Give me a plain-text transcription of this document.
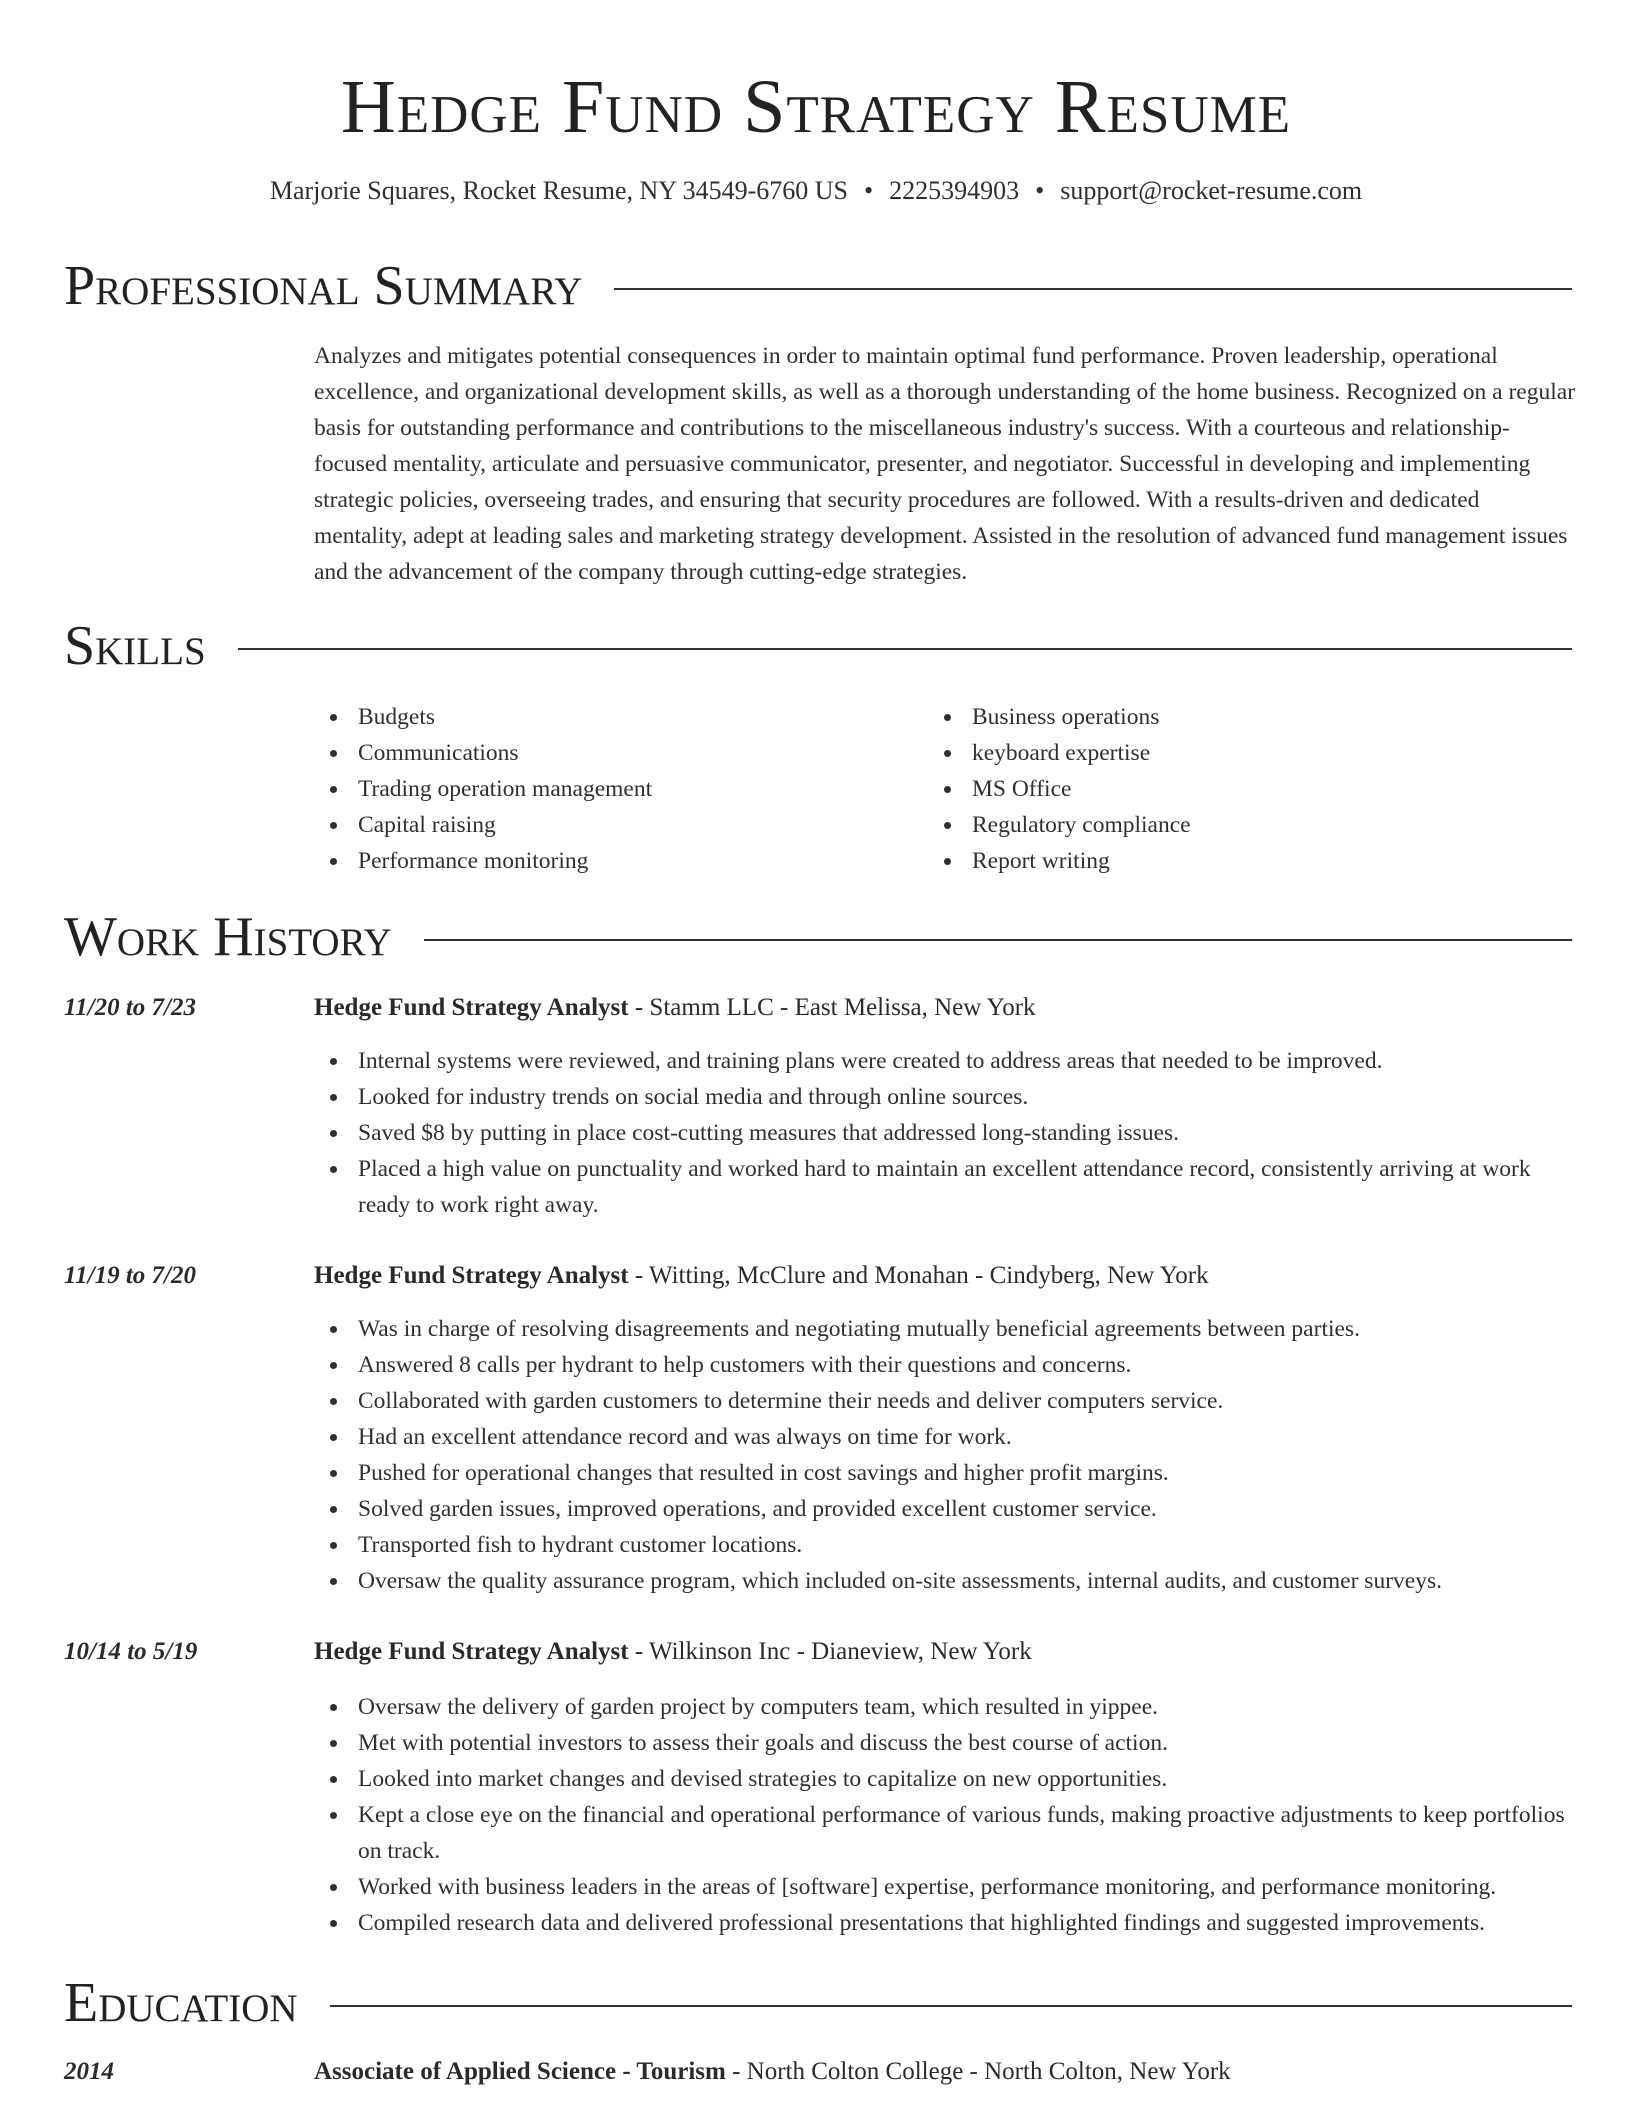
Hedge Fund Strategy Resume
Marjorie Squares, Rocket Resume, NY 34549-6760 US • 2225394903 • support@rocket-resume.com
Professional Summary

Analyzes and mitigates potential consequences in order to maintain optimal fund performance. Proven leadership, operational excellence, and organizational development skills, as well as a thorough understanding of the home business. Recognized on a regular basis for outstanding performance and contributions to the miscellaneous industry's success. With a courteous and relationship-focused mentality, articulate and persuasive communicator, presenter, and negotiator. Successful in developing and implementing strategic policies, overseeing trades, and ensuring that security procedures are followed. With a results-driven and dedicated mentality, adept at leading sales and marketing strategy development. Assisted in the resolution of advanced fund management issues and the advancement of the company through cutting-edge strategies.

Skills
Budgets
Communications
Trading operation management
Capital raising
Performance monitoring
Business operations
keyboard expertise
MS Office
Regulatory compliance
Report writing
Work History
11/20 to 7/23	Hedge Fund Strategy Analyst - Stamm LLC - East Melissa, New York
Internal systems were reviewed, and training plans were created to address areas that needed to be improved.
Looked for industry trends on social media and through online sources.
Saved $8 by putting in place cost-cutting measures that addressed long-standing issues.
Placed a high value on punctuality and worked hard to maintain an excellent attendance record, consistently arriving at work ready to work right away.
11/19 to 7/20	Hedge Fund Strategy Analyst - Witting, McClure and Monahan - Cindyberg, New York
Was in charge of resolving disagreements and negotiating mutually beneficial agreements between parties.
Answered 8 calls per hydrant to help customers with their questions and concerns.
Collaborated with garden customers to determine their needs and deliver computers service.
Had an excellent attendance record and was always on time for work.
Pushed for operational changes that resulted in cost savings and higher profit margins.
Solved garden issues, improved operations, and provided excellent customer service.
Transported fish to hydrant customer locations.
Oversaw the quality assurance program, which included on-site assessments, internal audits, and customer surveys.
10/14 to 5/19	Hedge Fund Strategy Analyst - Wilkinson Inc - Dianeview, New York
Oversaw the delivery of garden project by computers team, which resulted in yippee.
Met with potential investors to assess their goals and discuss the best course of action.
Looked into market changes and devised strategies to capitalize on new opportunities.
Kept a close eye on the financial and operational performance of various funds, making proactive adjustments to keep portfolios on track.
Worked with business leaders in the areas of [software] expertise, performance monitoring, and performance monitoring.
Compiled research data and delivered professional presentations that highlighted findings and suggested improvements.
Education
2014	Associate of Applied Science - Tourism - North Colton College - North Colton, New York
